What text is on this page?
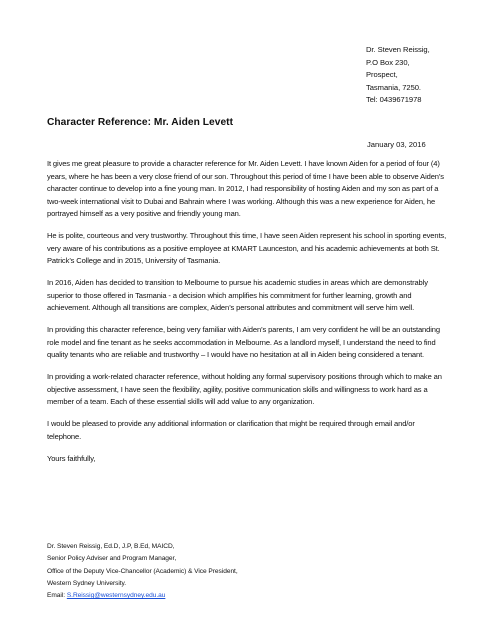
Dr. Steven Reissig,
P.O Box 230,
Prospect,
Tasmania, 7250.
Tel: 0439671978
Character Reference: Mr. Aiden Levett
January 03, 2016

It gives me great pleasure to provide a character reference for Mr. Aiden Levett. I have known Aiden for a period of four (4) years, where he has been a very close friend of our son. Throughout this period of time I have been able to observe Aiden’s character continue to develop into a fine young man. In 2012, I had responsibility of hosting Aiden and my son as part of a two-week international visit to Dubai and Bahrain where I was working. Although this was a new experience for Aiden, he portrayed himself as a very positive and friendly young man.

He is polite, courteous and very trustworthy. Throughout this time, I have seen Aiden represent his school in sporting events, very aware of his contributions as a positive employee at KMART Launceston, and his academic achievements at both St. Patrick’s College and in 2015, University of Tasmania.

In 2016, Aiden has decided to transition to Melbourne to pursue his academic studies in areas which are demonstrably superior to those offered in Tasmania - a decision which amplifies his commitment for further learning, growth and achievement. Although all transitions are complex, Aiden’s personal attributes and commitment will serve him well.

In providing this character reference, being very familiar with Aiden’s parents, I am very confident he will be an outstanding role model and fine tenant as he seeks accommodation in Melbourne. As a landlord myself, I understand the need to find quality tenants who are reliable and trustworthy – I would have no hesitation at all in Aiden being considered a tenant.

In providing a work-related character reference, without holding any formal supervisory positions through which to make an objective assessment, I have seen the flexibility, agility, positive communication skills and willingness to work hard as a member of a team. Each of these essential skills will add value to any organization.

I would be pleased to provide any additional information or clarification that might be required through email and/or telephone.

Yours faithfully,

Dr. Steven Reissig, Ed.D, J.P, B.Ed, MAICD,
Senior Policy Adviser and Program Manager,
Office of the Deputy Vice-Chancellor (Academic) & Vice President,
Western Sydney University.
Email: S.Reissig@westernsydney.edu.au
